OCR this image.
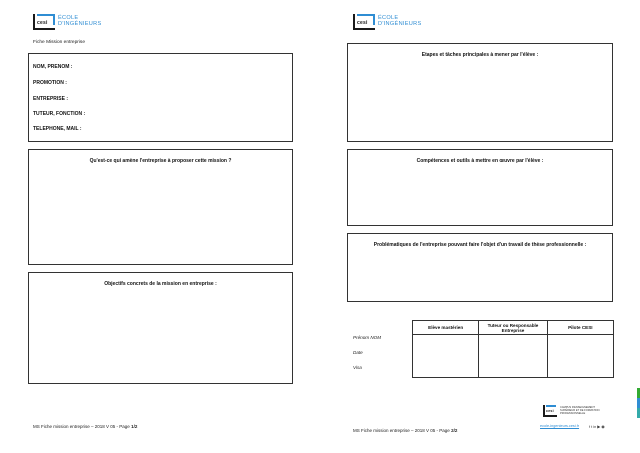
cesi
ÉCOLE
D'INGÉNIEURS
Fiche Mission entreprise
NOM, PRENOM :
PROMOTION :
ENTREPRISE :
TUTEUR, FONCTION :
TELEPHONE, MAIL :
Qu'est-ce qui amène l'entreprise à proposer cette mission ?
Objectifs concrets de la mission en entreprise :
MS Fiche mission entreprise – 2018 V 05 - Page 1/2
cesi
ÉCOLE
D'INGÉNIEURS
Etapes et tâches principales à mener par l'élève :
Compétences et outils à mettre en œuvre par l'élève :
Problématiques de l'entreprise pouvant faire l'objet d'un travail de thèse professionnelle :
Elève mastérien	Tuteur ou Responsable Entreprise	Pilote CESI

Prénom NOM
Date
Visa
cesi
CAMPUS D'ENSEIGNEMENT SUPÉRIEUR ET DE FORMATION PROFESSIONNELLE
ecole-ingenieurs.cesi.fr	f t in ▶ ◉
MS Fiche mission entreprise – 2018 V 05 - Page 2/2
